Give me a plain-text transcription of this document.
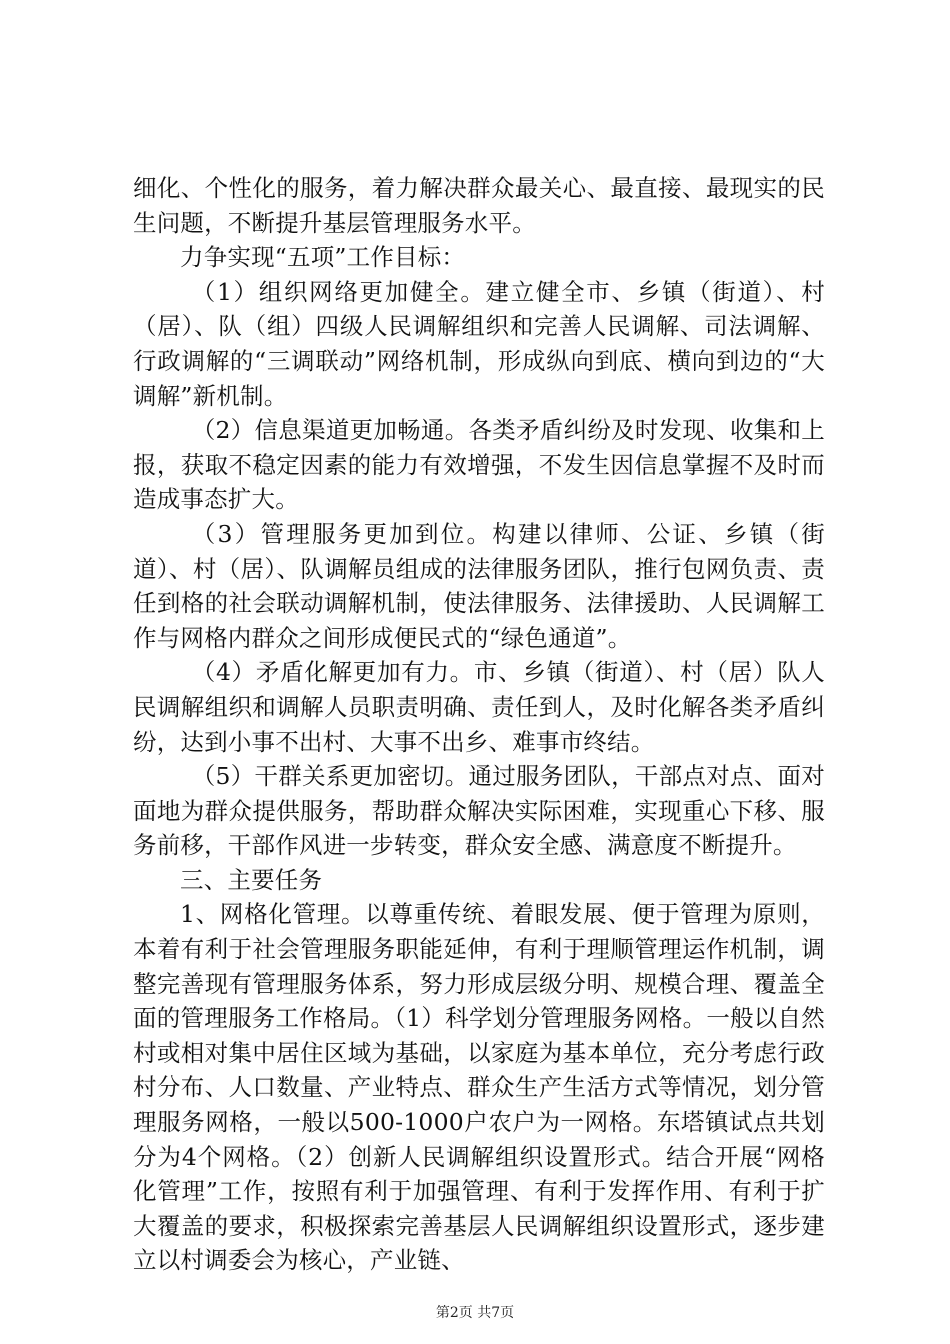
细化、个性化的服务，着力解决群众最关心、最直接、最现实的民生问题，不断提升基层管理服务水平。

力争实现“五项”工作目标：

（1）组织网络更加健全。建立健全市、乡镇（街道）、村（居）、队（组）四级人民调解组织和完善人民调解、司法调解、行政调解的“三调联动”网络机制，形成纵向到底、横向到边的“大调解”新机制。

（2）信息渠道更加畅通。各类矛盾纠纷及时发现、收集和上报，获取不稳定因素的能力有效增强，不发生因信息掌握不及时而造成事态扩大。

（3）管理服务更加到位。构建以律师、公证、乡镇（街道）、村（居）、队调解员组成的法律服务团队，推行包网负责、责任到格的社会联动调解机制，使法律服务、法律援助、人民调解工作与网格内群众之间形成便民式的“绿色通道”。

（4）矛盾化解更加有力。市、乡镇（街道）、村（居）队人民调解组织和调解人员职责明确、责任到人，及时化解各类矛盾纠纷，达到小事不出村、大事不出乡、难事市终结。

（5）干群关系更加密切。通过服务团队，干部点对点、面对面地为群众提供服务，帮助群众解决实际困难，实现重心下移、服务前移，干部作风进一步转变，群众安全感、满意度不断提升。

三、主要任务

1、网格化管理。以尊重传统、着眼发展、便于管理为原则，本着有利于社会管理服务职能延伸，有利于理顺管理运作机制，调整完善现有管理服务体系，努力形成层级分明、规模合理、覆盖全面的管理服务工作格局。（1）科学划分管理服务网格。一般以自然村或相对集中居住区域为基础，以家庭为基本单位，充分考虑行政村分布、人口数量、产业特点、群众生产生活方式等情况，划分管理服务网格，一般以500-1000户农户为一网格。东塔镇试点共划分为4个网格。（2）创新人民调解组织设置形式。结合开展“网格化管理”工作，按照有利于加强管理、有利于发挥作用、有利于扩大覆盖的要求，积极探索完善基层人民调解组织设置形式，逐步建立以村调委会为核心，产业链、

第2页 共7页
